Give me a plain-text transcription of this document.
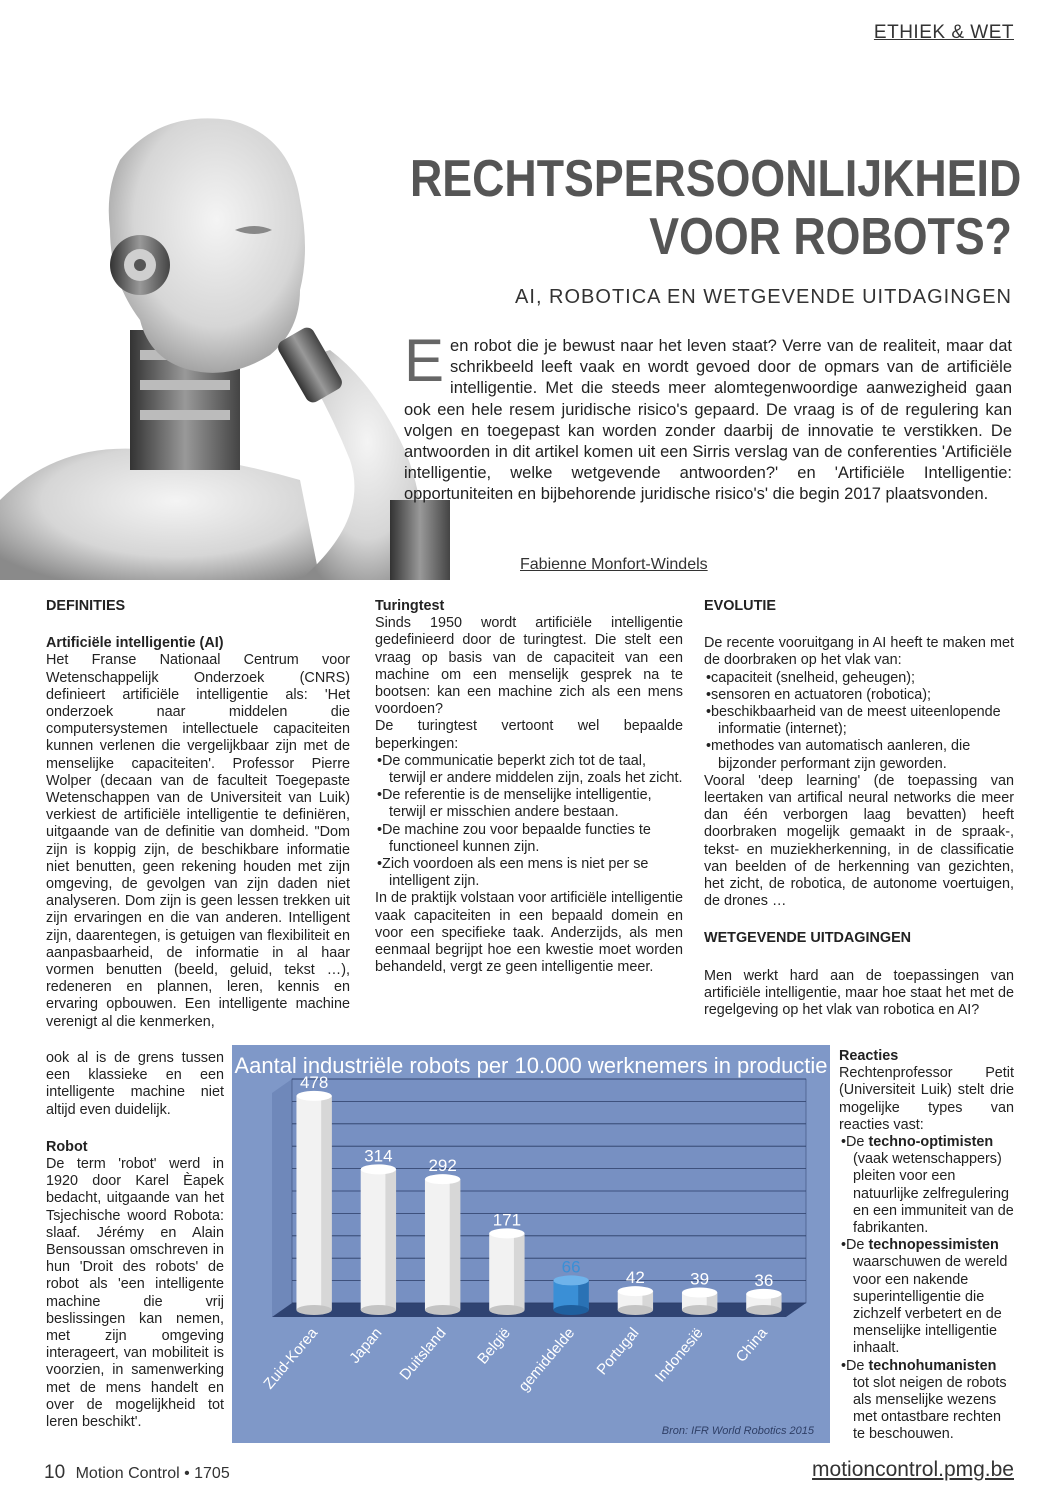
ETHIEK & WET
RECHTSPERSOONLIJKHEID
VOOR ROBOTS?
AI, ROBOTICA EN WETGEVENDE UITDAGINGEN
E en robot die je bewust naar het leven staat? Verre van de realiteit, maar dat schrikbeeld leeft vaak en wordt gevoed door de opmars van de artificiële intelligentie. Met die steeds meer alomtegenwoordige aanwezigheid gaan ook een hele resem juridische risico's gepaard. De vraag is of de regulering kan volgen en toegepast kan worden zonder daarbij de innovatie te verstikken. De antwoorden in dit artikel komen uit een Sirris verslag van de conferenties 'Artificiële intelligentie, welke wetgevende antwoorden?' en 'Artificiële Intelligentie: opportuniteiten en bijbehorende juridische risico's' die begin 2017 plaatsvonden.
Fabienne Monfort-Windels
DEFINITIES
Artificiële intelligentie (AI)

Het Franse Nationaal Centrum voor Wetenschappelijk Onderzoek (CNRS) definieert artificiële intelligentie als: 'Het onderzoek naar middelen die computersystemen intellectuele capaciteiten kunnen verlenen die vergelijkbaar zijn met de menselijke capaciteiten'. Professor Pierre Wolper (decaan van de faculteit Toegepaste Wetenschappen van de Universiteit van Luik) verkiest de artificiële intelligentie te definiëren, uitgaande van de definitie van domheid. "Dom zijn is koppig zijn, de beschikbare informatie niet benutten, geen rekening houden met zijn omgeving, de gevolgen van zijn daden niet analyseren. Dom zijn is geen lessen trekken uit zijn ervaringen en die van anderen. Intelligent zijn, daarentegen, is getuigen van flexibiliteit en aanpasbaarheid, de informatie in al haar vormen benutten (beeld, geluid, tekst …), redeneren en plannen, leren, kennis en ervaring opbouwen. Een intelligente machine verenigt al die kenmerken,

ook al is de grens tussen een klassieke en een intelligente machine niet altijd even duidelijk.

Robot

De term 'robot' werd in 1920 door Karel Èapek bedacht, uitgaande van het Tsjechische woord Robota: slaaf. Jérémy en Alain Bensoussan omschreven in hun 'Droit des robots' de robot als 'een intelligente machine die vrij beslissingen kan nemen, met zijn omgeving interageert, van mobiliteit is voorzien, in samenwerking met de mens handelt en over de mogelijkheid tot leren beschikt'.

Turingtest

Sinds 1950 wordt artificiële intelligentie gedefinieerd door de turingtest. Die stelt een vraag op basis van de capaciteit van een machine om een menselijk gesprek na te bootsen: kan een machine zich als een mens voordoen?

De turingtest vertoont wel bepaalde beperkingen:

•De communicatie beperkt zich tot de taal, terwijl er andere middelen zijn, zoals het zicht.

•De referentie is de menselijke intelligentie, terwijl er misschien andere bestaan.

•De machine zou voor bepaalde functies te functioneel kunnen zijn.

•Zich voordoen als een mens is niet per se intelligent zijn.

In de praktijk volstaan voor artificiële intelligentie vaak capaciteiten in een bepaald domein en voor een specifieke taak. Anderzijds, als men eenmaal begrijpt hoe een kwestie moet worden behandeld, vergt ze geen intelligentie meer.

EVOLUTIE

De recente vooruitgang in AI heeft te maken met de doorbraken op het vlak van:

•capaciteit (snelheid, geheugen);

•sensoren en actuatoren (robotica);

•beschikbaarheid van de meest uiteenlopende informatie (internet);

•methodes van automatisch aanleren, die bijzonder performant zijn geworden.

Vooral 'deep learning' (de toepassing van leertaken van artifical neural networks die meer dan één verborgen laag bevatten) heeft doorbraken mogelijk gemaakt in de spraak-, tekst- en muziekherkenning, in de classificatie van beelden of de herkenning van gezichten, het zicht, de robotica, de autonome voertuigen, de drones …

WETGEVENDE UITDAGINGEN

Men werkt hard aan de toepassingen van artificiële intelligentie, maar hoe staat het met de regelgeving op het vlak van robotica en AI?

Reacties

Rechtenprofessor Petit (Universiteit Luik) stelt drie mogelijke types van reacties vast:

•De techno-optimisten (vaak wetenschappers) pleiten voor een natuurlijke zelfregulering en een immuniteit van de fabrikanten.

•De technopessimisten waarschuwen de wereld voor een nakende superintelligentie die zichzelf verbetert en de menselijke intelligentie inhaalt.

•De technohumanisten tot slot neigen de robots als menselijke wezens met ontastbare rechten te beschouwen.

Aantal industriële robots per 10.000 werknemers in productie
478
Zuid-Korea
314
Japan
292
Duitsland
171
België
66
gemiddelde
42
Portugal
39
Indonesië
36
China
Bron: IFR World Robotics 2015
10 Motion Control • 1705	motioncontrol.pmg.be
